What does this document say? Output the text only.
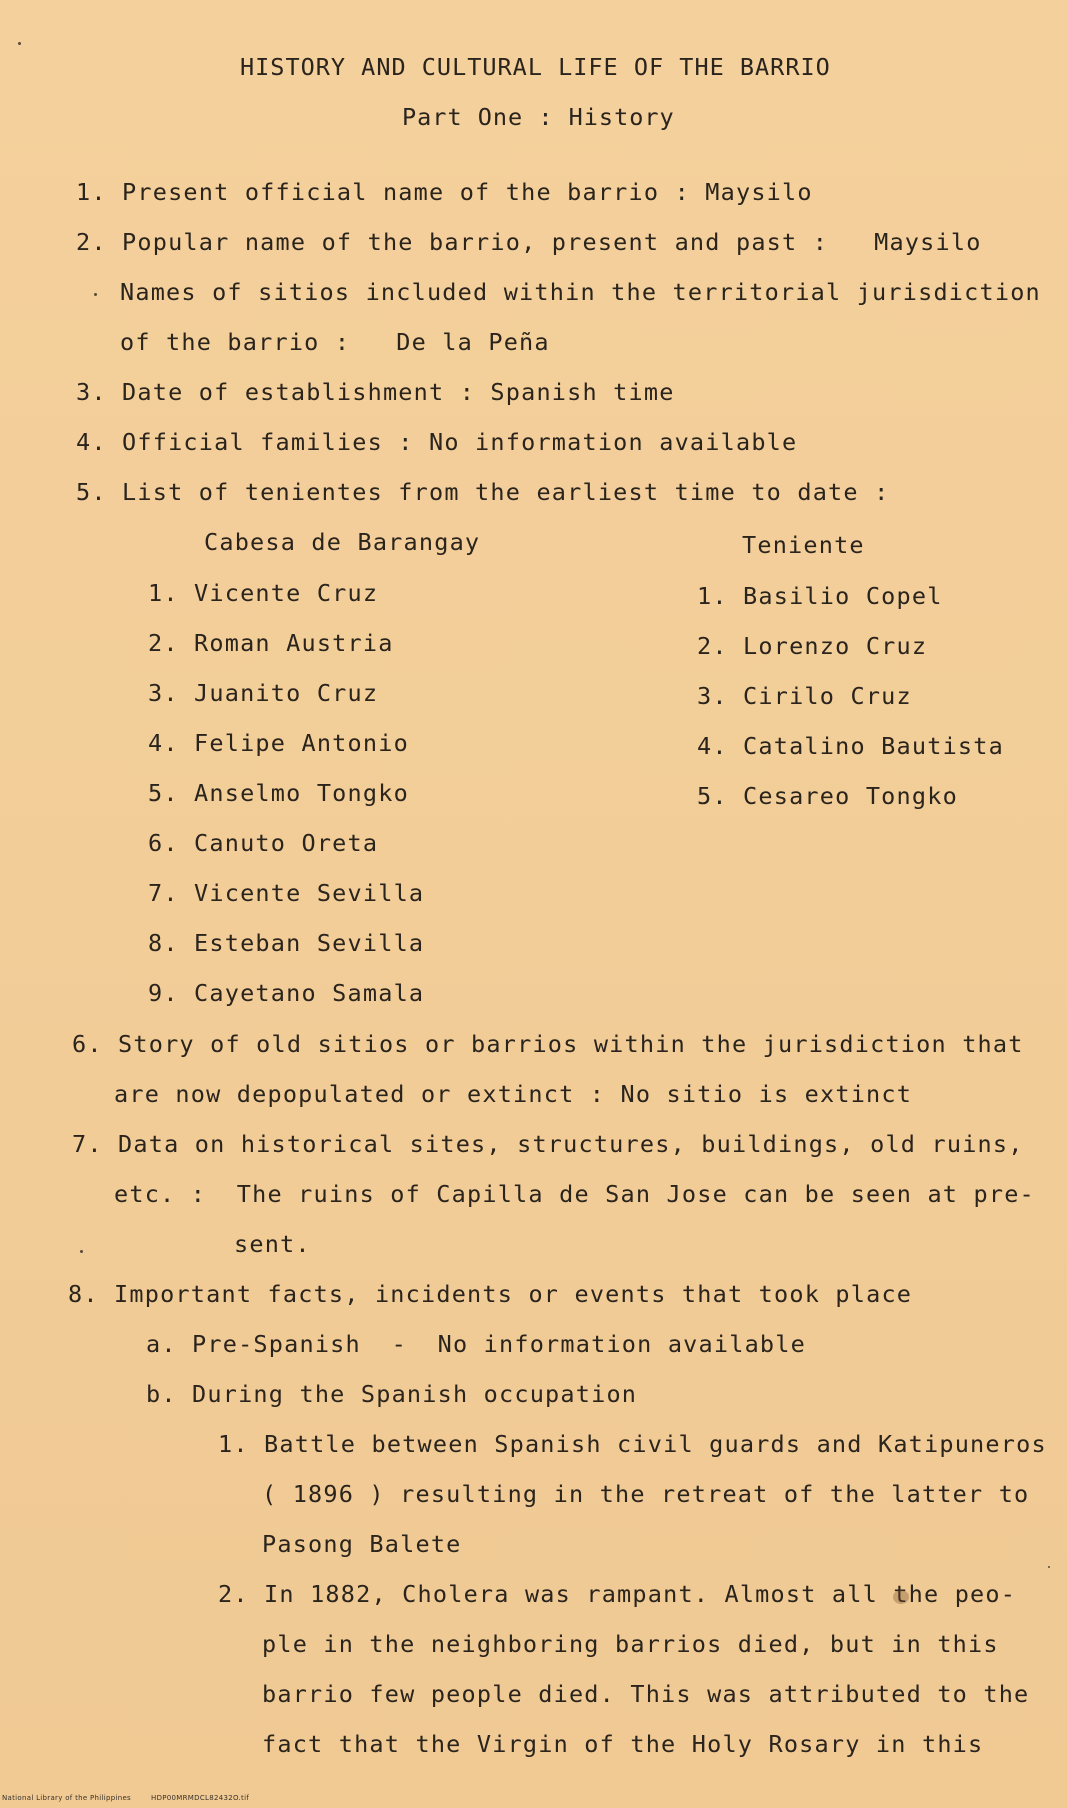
HISTORY AND CULTURAL LIFE OF THE BARRIO
Part One : History
1. Present official name of the barrio : Maysilo
2. Popular name of the barrio, present and past :   Maysilo
Names of sitios included within the territorial jurisdiction
of the barrio :   De la Peña
3. Date of establishment : Spanish time
4. Official families : No information available
5. List of tenientes from the earliest time to date :
Cabesa de Barangay	Teniente
1. Vicente Cruz
2. Roman Austria
3. Juanito Cruz
4. Felipe Antonio
5. Anselmo Tongko
6. Canuto Oreta
7. Vicente Sevilla
8. Esteban Sevilla
9. Cayetano Samala
1. Basilio Copel
2. Lorenzo Cruz
3. Cirilo Cruz
4. Catalino Bautista
5. Cesareo Tongko
6. Story of old sitios or barrios within the jurisdiction that
are now depopulated or extinct : No sitio is extinct
7. Data on historical sites, structures, buildings, old ruins,
etc. :  The ruins of Capilla de San Jose can be seen at pre-
sent.
8. Important facts, incidents or events that took place
a. Pre-Spanish  -  No information available
b. During the Spanish occupation
1. Battle between Spanish civil guards and Katipuneros
( 1896 ) resulting in the retreat of the latter to
Pasong Balete
2. In 1882, Cholera was rampant. Almost all the peo-
ple in the neighboring barrios died, but in this
barrio few people died. This was attributed to the
fact that the Virgin of the Holy Rosary in this
National Library of the Philippines	HDP00MRMDCL82432O.tif
